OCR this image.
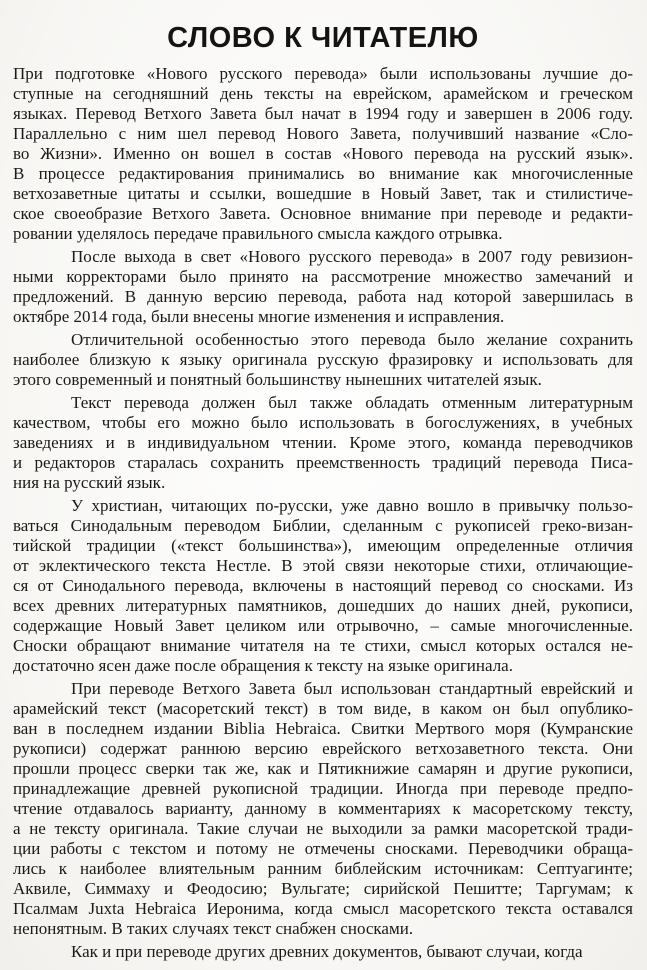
СЛОВО К ЧИТАТЕЛЮ
При подготовке «Нового русского перевода» были использованы лучшие до-
ступные на сегодняшний день тексты на еврейском, арамейском и греческом
языках. Перевод Ветхого Завета был начат в 1994 году и завершен в 2006 году.
Параллельно с ним шел перевод Нового Завета, получивший название «Сло-
во Жизни». Именно он вошел в состав «Нового перевода на русский язык».
В процессе редактирования принимались во внимание как многочисленные
ветхозаветные цитаты и ссылки, вошедшие в Новый Завет, так и стилистиче-
ское своеобразие Ветхого Завета. Основное внимание при переводе и редакти-
ровании уделялось передаче правильного смысла каждого отрывка.
После выхода в свет «Нового русского перевода» в 2007 году ревизион-
ными корректорами было принято на рассмотрение множество замечаний и
предложений. В данную версию перевода, работа над которой завершилась в
октябре 2014 года, были внесены многие изменения и исправления.
Отличительной особенностью этого перевода было желание сохранить
наиболее близкую к языку оригинала русскую фразировку и использовать для
этого современный и понятный большинству нынешних читателей язык.
Текст перевода должен был также обладать отменным литературным
качеством, чтобы его можно было использовать в богослужениях, в учебных
заведениях и в индивидуальном чтении. Кроме этого, команда переводчиков
и редакторов старалась сохранить преемственность традиций перевода Писа-
ния на русский язык.
У христиан, читающих по-русски, уже давно вошло в привычку пользо-
ваться Синодальным переводом Библии, сделанным с рукописей греко-визан-
тийской традиции («текст большинства»), имеющим определенные отличия
от эклектического текста Нестле. В этой связи некоторые стихи, отличающие-
ся от Синодального перевода, включены в настоящий перевод со сносками. Из
всех древних литературных памятников, дошедших до наших дней, рукописи,
содержащие Новый Завет целиком или отрывочно, – самые многочисленные.
Сноски обращают внимание читателя на те стихи, смысл которых остался не-
достаточно ясен даже после обращения к тексту на языке оригинала.
При переводе Ветхого Завета был использован стандартный еврейский и
арамейский текст (масоретский текст) в том виде, в каком он был опублико-
ван в последнем издании Biblia Hebraica. Свитки Мертвого моря (Кумранские
рукописи) содержат раннюю версию еврейского ветхозаветного текста. Они
прошли процесс сверки так же, как и Пятикнижие самарян и другие рукописи,
принадлежащие древней рукописной традиции. Иногда при переводе предпо-
чтение отдавалось варианту, данному в комментариях к масоретскому тексту,
а не тексту оригинала. Такие случаи не выходили за рамки масоретской тради-
ции работы с текстом и потому не отмечены сносками. Переводчики обраща-
лись к наиболее влиятельным ранним библейским источникам: Септуагинте;
Аквиле, Симмаху и Феодосию; Вульгате; сирийской Пешитте; Таргумам; к
Псалмам Juxta Hebraica Иеронима, когда смысл масоретского текста оставался
непонятным. В таких случаях текст снабжен сносками.
Как и при переводе других древних документов, бывают случаи, когда
